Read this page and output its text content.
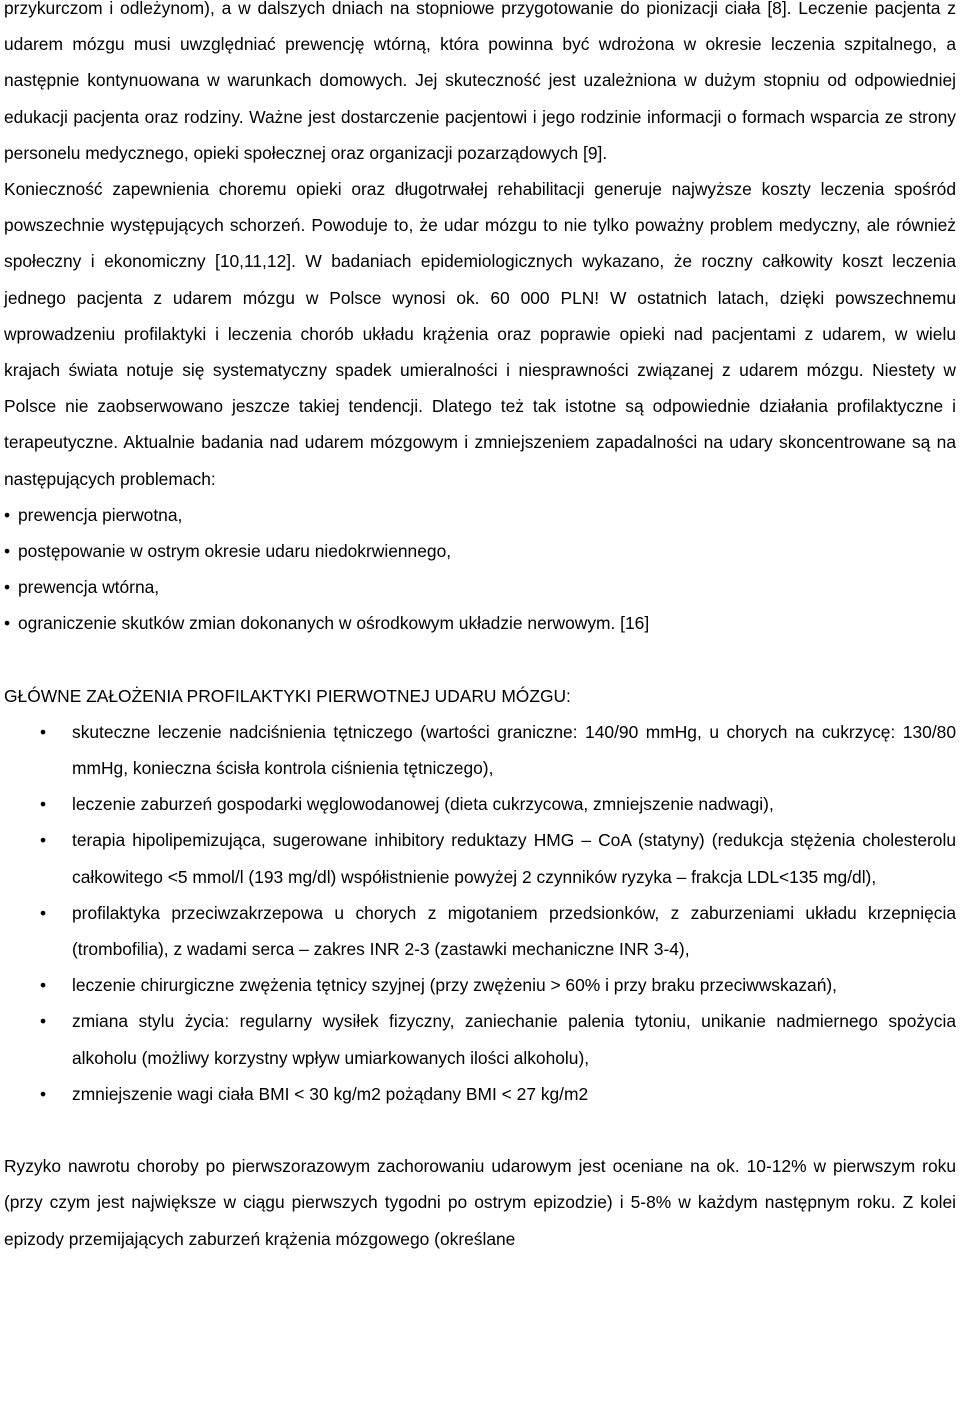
przykurczom i odleżynom), a w dalszych dniach na stopniowe przygotowanie do pionizacji ciała [8]. Leczenie pacjenta z udarem mózgu musi uwzględniać prewencję wtórną, która powinna być wdrożona w okresie leczenia szpitalnego, a następnie kontynuowana w warunkach domowych. Jej skuteczność jest uzależniona w dużym stopniu od odpowiedniej edukacji pacjenta oraz rodziny. Ważne jest dostarczenie pacjentowi i jego rodzinie informacji o formach wsparcia ze strony personelu medycznego, opieki społecznej oraz organizacji pozarządowych [9].

Konieczność zapewnienia choremu opieki oraz długotrwałej rehabilitacji generuje najwyższe koszty leczenia spośród powszechnie występujących schorzeń. Powoduje to, że udar mózgu to nie tylko poważny problem medyczny, ale również społeczny i ekonomiczny [10,11,12]. W badaniach epidemiologicznych wykazano, że roczny całkowity koszt leczenia jednego pacjenta z udarem mózgu w Polsce wynosi ok. 60 000 PLN! W ostatnich latach, dzięki powszechnemu wprowadzeniu profilaktyki i leczenia chorób układu krążenia oraz poprawie opieki nad pacjentami z udarem, w wielu krajach świata notuje się systematyczny spadek umieralności i niesprawności związanej z udarem mózgu. Niestety w Polsce nie zaobserwowano jeszcze takiej tendencji. Dlatego też tak istotne są odpowiednie działania profilaktyczne i terapeutyczne. Aktualnie badania nad udarem mózgowym i zmniejszeniem zapadalności na udary skoncentrowane są na następujących problemach:

• prewencja pierwotna,
• postępowanie w ostrym okresie udaru niedokrwiennego,
• prewencja wtórna,
• ograniczenie skutków zmian dokonanych w ośrodkowym układzie nerwowym. [16]

GŁÓWNE ZAŁOŻENIA PROFILAKTYKI PIERWOTNEJ UDARU MÓZGU:

• skuteczne leczenie nadciśnienia tętniczego (wartości graniczne: 140/90 mmHg, u chorych na cukrzycę: 130/80 mmHg, konieczna ścisła kontrola ciśnienia tętniczego),
• leczenie zaburzeń gospodarki węglowodanowej (dieta cukrzycowa, zmniejszenie nadwagi),
• terapia hipolipemizująca, sugerowane inhibitory reduktazy HMG – CoA (statyny) (redukcja stężenia cholesterolu całkowitego <5 mmol/l (193 mg/dl) współistnienie powyżej 2 czynników ryzyka – frakcja LDL<135 mg/dl),
• profilaktyka przeciwzakrzepowa u chorych z migotaniem przedsionków, z zaburzeniami układu krzepnięcia (trombofilia), z wadami serca – zakres INR 2-3 (zastawki mechaniczne INR 3-4),
• leczenie chirurgiczne zwężenia tętnicy szyjnej (przy zwężeniu > 60% i przy braku przeciwwskazań),
• zmiana stylu życia: regularny wysiłek fizyczny, zaniechanie palenia tytoniu, unikanie nadmiernego spożycia alkoholu (możliwy korzystny wpływ umiarkowanych ilości alkoholu),
• zmniejszenie wagi ciała BMI < 30 kg/m2 pożądany BMI < 27 kg/m2

Ryzyko nawrotu choroby po pierwszorazowym zachorowaniu udarowym jest oceniane na ok. 10-12% w pierwszym roku (przy czym jest największe w ciągu pierwszych tygodni po ostrym epizodzie) i 5-8% w każdym następnym roku. Z kolei epizody przemijających zaburzeń krążenia mózgowego (określane
